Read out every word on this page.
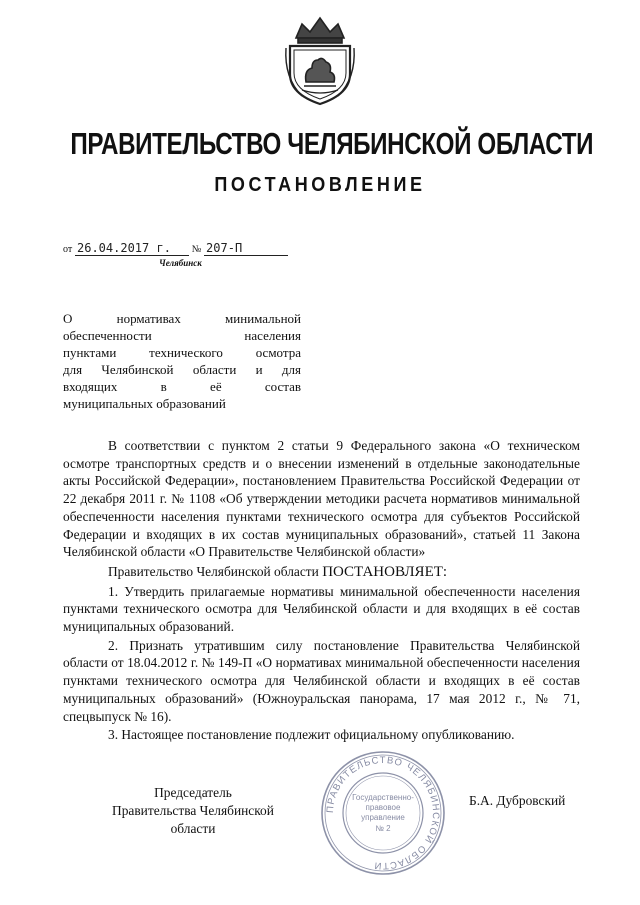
ПРАВИТЕЛЬСТВО ЧЕЛЯБИНСКОЙ ОБЛАСТИ
ПОСТАНОВЛЕНИЕ
от 26.04.2017 г. № 207-П
Челябинск
О нормативах минимальной
обеспеченности населения
пунктами технического осмотра
для Челябинской области и для
входящих в её состав
муниципальных образований

В соответствии с пунктом 2 статьи 9 Федерального закона «О техническом осмотре транспортных средств и о внесении изменений в отдельные законодательные акты Российской Федерации», постановлением Правительства Российской Федерации от 22 декабря 2011 г. № 1108 «Об утверждении методики расчета нормативов минимальной обеспеченности населения пунктами технического осмотра для субъектов Российской Федерации и входящих в их состав муниципальных образований», статьей 11 Закона Челябинской области «О Правительстве Челябинской области»

Правительство Челябинской области ПОСТАНОВЛЯЕТ:

1. Утвердить прилагаемые нормативы минимальной обеспеченности населения пунктами технического осмотра для Челябинской области и для входящих в её состав муниципальных образований.

2. Признать утратившим силу постановление Правительства Челябинской области от 18.04.2012 г. № 149-П «О нормативах минимальной обеспеченности населения пунктами технического осмотра для Челябинской области и входящих в её состав муниципальных образований» (Южноуральская панорама, 17 мая 2012 г., № 71, спецвыпуск № 16).

3. Настоящее постановление подлежит официальному опубликованию.

Председатель
Правительства Челябинской области
ПРАВИТЕЛЬСТВО ЧЕЛЯБИНСКОЙ ОБЛАСТИ
Государственно-
правовое
управление
№ 2
Б.А. Дубровский
